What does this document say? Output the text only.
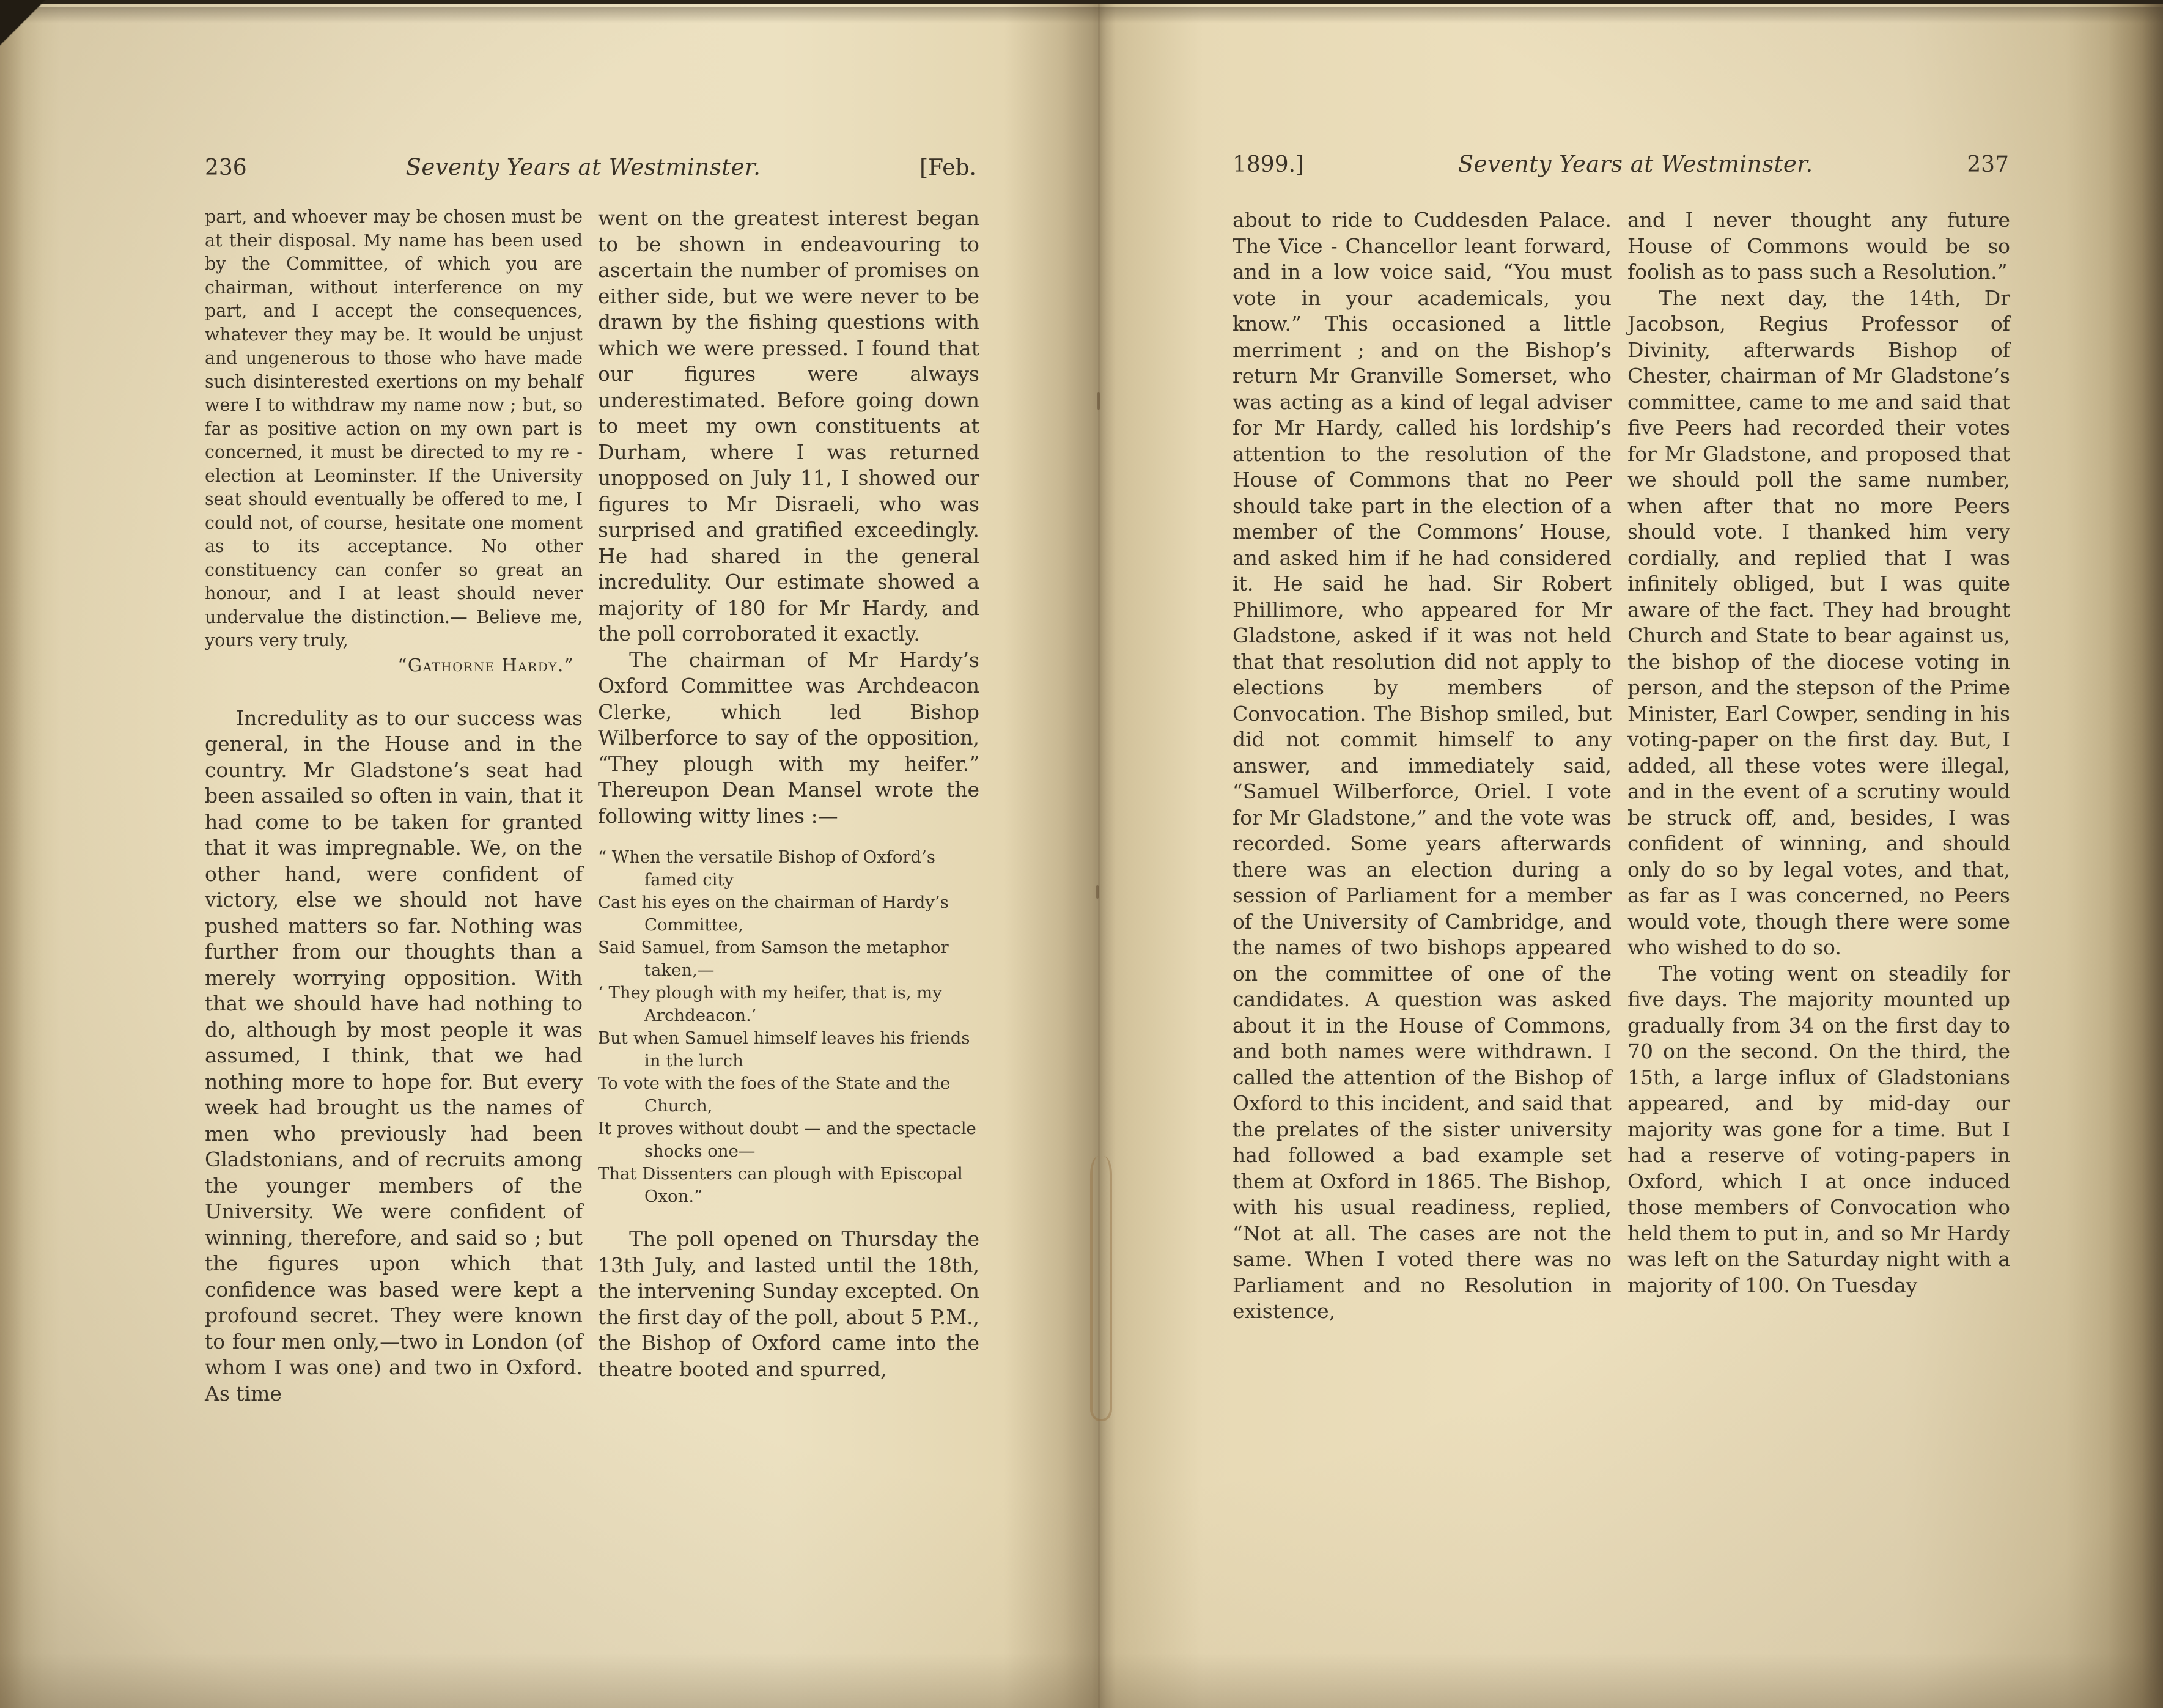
236	Seventy Years at Westminster.	[Feb.	1899.]	Seventy Years at Westminster.	237
part, and whoever may be chosen must be at their disposal. My name has been used by the Committee, of which you are chairman, without interference on my part, and I accept the consequences, whatever they may be. It would be unjust and ungenerous to those who have made such disinterested exertions on my behalf were I to withdraw my name now ; but, so far as positive action on my own part is concerned, it must be directed to my re - election at Leominster. If the University seat should eventually be offered to me, I could not, of course, hesitate one moment as to its acceptance. No other constituency can confer so great an honour, and I at least should never undervalue the distinction.— Believe me, yours very truly,
“Gathorne Hardy.”
Incredulity as to our success was general, in the House and in the country. Mr Gladstone’s seat had been assailed so often in vain, that it had come to be taken for granted that it was impregnable. We, on the other hand, were confident of victory, else we should not have pushed matters so far. Nothing was further from our thoughts than a merely worrying opposition. With that we should have had nothing to do, although by most people it was assumed, I think, that we had nothing more to hope for. But every week had brought us the names of men who previously had been Gladstonians, and of recruits among the younger members of the University. We were confident of winning, therefore, and said so ; but the figures upon which that confidence was based were kept a profound secret. They were known to four men only,—two in London (of whom I was one) and two in Oxford. As time
went on the greatest interest began to be shown in endeavouring to ascertain the number of promises on either side, but we were never to be drawn by the fishing questions with which we were pressed. I found that our figures were always underestimated. Before going down to meet my own constituents at Durham, where I was returned unopposed on July 11, I showed our figures to Mr Disraeli, who was surprised and gratified exceedingly. He had shared in the general incredulity. Our estimate showed a majority of 180 for Mr Hardy, and the poll corroborated it exactly.
The chairman of Mr Hardy’s Oxford Committee was Archdeacon Clerke, which led Bishop Wilberforce to say of the opposition, “They plough with my heifer.” Thereupon Dean Mansel wrote the following witty lines :—
“ When the versatile Bishop of Oxford’s famed city
Cast his eyes on the chairman of Hardy’s Committee,
Said Samuel, from Samson the metaphor taken,—
‘ They plough with my heifer, that is, my Archdeacon.’
But when Samuel himself leaves his friends in the lurch
To vote with the foes of the State and the Church,
It proves without doubt — and the spectacle shocks one—
That Dissenters can plough with Episcopal Oxon.”
The poll opened on Thursday the 13th July, and lasted until the 18th, the intervening Sunday excepted. On the first day of the poll, about 5 P.M., the Bishop of Oxford came into the theatre booted and spurred,
about to ride to Cuddesden Palace. The Vice - Chancellor leant forward, and in a low voice said, “You must vote in your academicals, you know.” This occasioned a little merriment ; and on the Bishop’s return Mr Granville Somerset, who was acting as a kind of legal adviser for Mr Hardy, called his lordship’s attention to the resolution of the House of Commons that no Peer should take part in the election of a member of the Commons’ House, and asked him if he had considered it. He said he had. Sir Robert Phillimore, who appeared for Mr Gladstone, asked if it was not held that that resolution did not apply to elections by members of Convocation. The Bishop smiled, but did not commit himself to any answer, and immediately said, “Samuel Wilberforce, Oriel. I vote for Mr Gladstone,” and the vote was recorded. Some years afterwards there was an election during a session of Parliament for a member of the University of Cambridge, and the names of two bishops appeared on the committee of one of the candidates. A question was asked about it in the House of Commons, and both names were withdrawn. I called the attention of the Bishop of Oxford to this incident, and said that the prelates of the sister university had followed a bad example set them at Oxford in 1865. The Bishop, with his usual readiness, replied, “Not at all. The cases are not the same. When I voted there was no Parliament and no Resolution in existence,
and I never thought any future House of Commons would be so foolish as to pass such a Resolution.”
The next day, the 14th, Dr Jacobson, Regius Professor of Divinity, afterwards Bishop of Chester, chairman of Mr Gladstone’s committee, came to me and said that five Peers had recorded their votes for Mr Gladstone, and proposed that we should poll the same number, when after that no more Peers should vote. I thanked him very cordially, and replied that I was infinitely obliged, but I was quite aware of the fact. They had brought Church and State to bear against us, the bishop of the diocese voting in person, and the stepson of the Prime Minister, Earl Cowper, sending in his voting-paper on the first day. But, I added, all these votes were illegal, and in the event of a scrutiny would be struck off, and, besides, I was confident of winning, and should only do so by legal votes, and that, as far as I was concerned, no Peers would vote, though there were some who wished to do so.
The voting went on steadily for five days. The majority mounted up gradually from 34 on the first day to 70 on the second. On the third, the 15th, a large influx of Gladstonians appeared, and by mid-day our majority was gone for a time. But I had a reserve of voting-papers in Oxford, which I at once induced those members of Convocation who held them to put in, and so Mr Hardy was left on the Saturday night with a majority of 100. On Tuesday
